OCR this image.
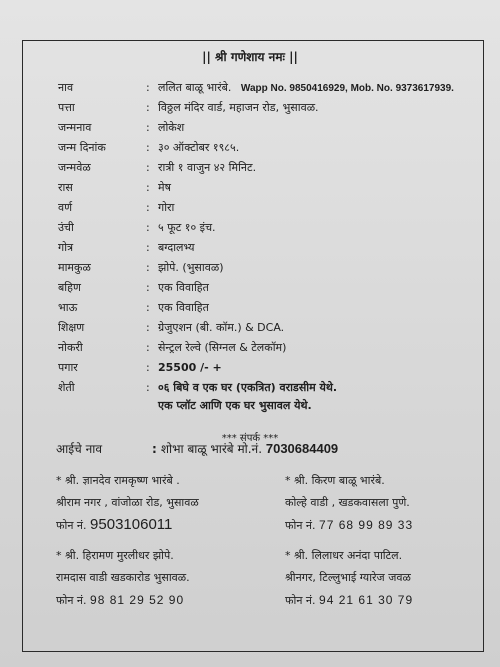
|| श्री गणेशाय नमः ||
नाव	: ललित बाळू भारंबे. Wapp No. 9850416929, Mob. No. 9373617939.
पत्ता	: विठ्ठल मंदिर वार्ड, महाजन रोड, भुसावळ.
जन्मनाव	: लोकेश
जन्म दिनांक	: ३० ऑक्टोबर १९८५.
जन्मवेळ	: रात्री १ वाजुन ४२ मिनिट.
रास	: मेष
वर्ण	: गोरा
उंची	: ५ फूट १० इंच.
गोत्र	: बग्दालभ्य
मामकुळ	: झोपे. (भुसावळ)
बहिण	: एक विवाहित
भाऊ	: एक विवाहित
शिक्षण	: ग्रेजुएशन (बी. कॉम.) & DCA.
नोकरी	: सेन्ट्रल रेल्वे (सिग्नल & टेलकॉम)
पगार	: 25500 /- +
शेती	: ०६ बिघे व एक घर (एकत्रित) वराडसीम येथे.
एक प्लॉट आणि एक घर भुसावल येथे.
*** संपर्क ***
आईचे नाव	: शोभा बाळू भारंबे मो.नं. 7030684409
* श्री. ज्ञानदेव रामकृष्ण भारंबे .
श्रीराम नगर , वांजोळा रोड, भुसावळ
फोन नं. 9503106011
* श्री. किरण बाळू भारंबे.
कोल्हे वाडी , खडकवासला पुणे.
फोन नं. 77 68 99 89 33
* श्री. हिरामण मुरलीधर झोपे.
रामदास वाडी खडकारोड भुसावळ.
फोन नं. 98 81 29 52 90
* श्री. लिलाधर अनंदा पाटिल.
श्रीनगर, टिल्लुभाई ग्यारेज जवळ
फोन नं. 94 21 61 30 79
